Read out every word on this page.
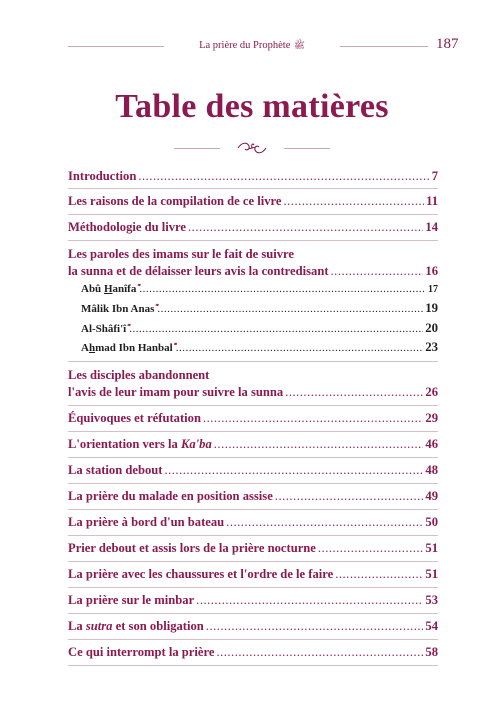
La prière du Prophète ﷺ	187
Table des matières
Introduction .....	7
Les raisons de la compilation de ce livre .....	11
Méthodologie du livre .....	14
Les paroles des imams sur le fait de suivre
la sunna et de délaisser leurs avis la contredisant .....	16
Abû Hanîfa .....	17
Mâlik Ibn Anas .....	19
Al-Shâfi'î .....	20
Ahmad Ibn Hanbal .....	23
Les disciples abandonnent
l'avis de leur imam pour suivre la sunna .....	26
Équivoques et réfutation .....	29
L'orientation vers la Ka'ba .....	46
La station debout .....	48
La prière du malade en position assise .....	49
La prière à bord d'un bateau .....	50
Prier debout et assis lors de la prière nocturne .....	51
La prière avec les chaussures et l'ordre de le faire .....	51
La prière sur le minbar .....	53
La sutra et son obligation .....	54
Ce qui interrompt la prière .....	58
